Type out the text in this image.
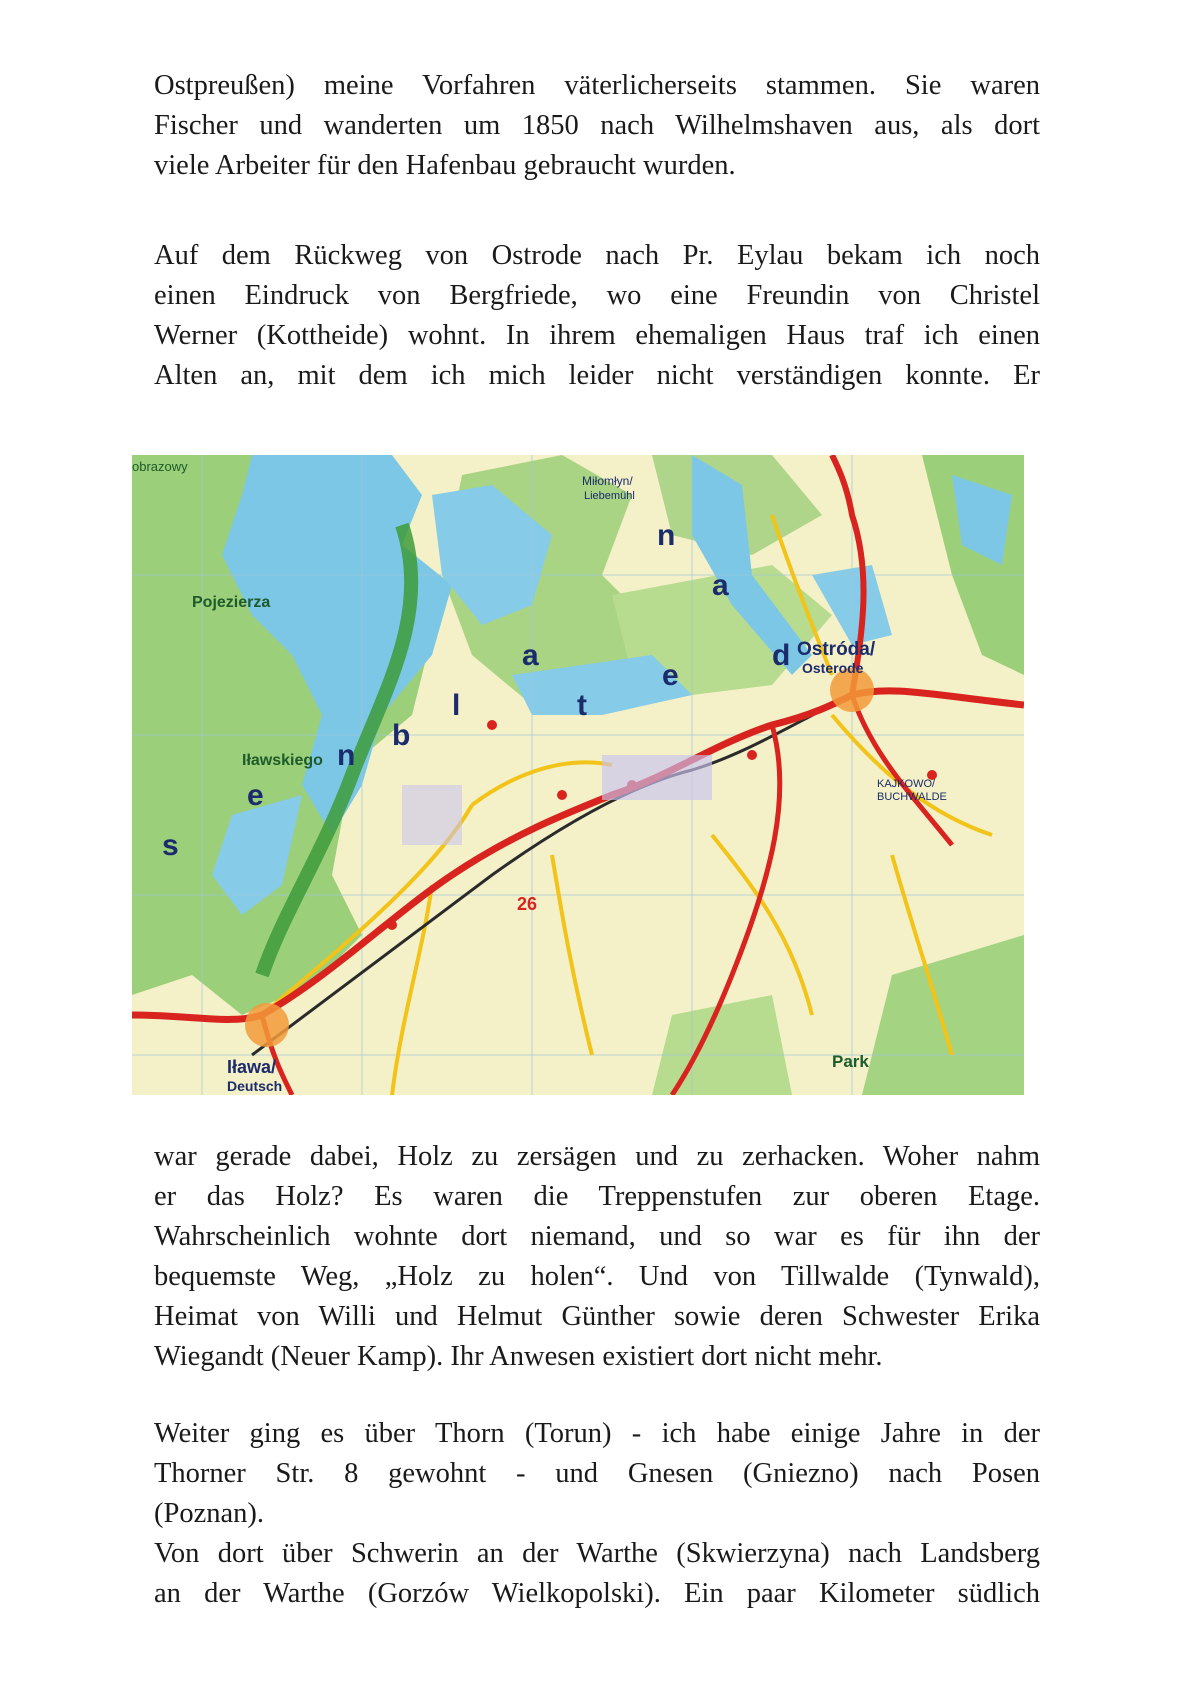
Ostpreußen) meine Vorfahren väterlicherseits stammen. Sie waren
Fischer und wanderten um 1850 nach Wilhelmshaven aus, als dort
viele Arbeiter für den Hafenbau gebraucht wurden.

Auf dem Rückweg von Ostrode nach Pr. Eylau bekam ich noch
einen Eindruck von Bergfriede, wo eine Freundin von Christel
Werner (Kottheide) wohnt. In ihrem ehemaligen Haus traf ich einen
Alten an, mit dem ich mich leider nicht verständigen konnte. Er

Ostróda/
Osterode
Iława/
Deutsch
Pojezierza
Iławskiego
Park
26
obrazowy
Miłomłyn/
Liebemühl
KAJKOWO/
BUCHWALDE
n
a
d
e
t
a
l
b
n
e
s

war gerade dabei, Holz zu zersägen und zu zerhacken. Woher nahm
er das Holz? Es waren die Treppenstufen zur oberen Etage.
Wahrscheinlich wohnte dort niemand, und so war es für ihn der
bequemste Weg, „Holz zu holen“. Und von Tillwalde (Tynwald),
Heimat von Willi und Helmut Günther sowie deren Schwester Erika
Wiegandt (Neuer Kamp). Ihr Anwesen existiert dort nicht mehr.

Weiter ging es über Thorn (Torun) - ich habe einige Jahre in der
Thorner Str. 8 gewohnt - und Gnesen (Gniezno) nach Posen
(Poznan).

Von dort über Schwerin an der Warthe (Skwierzyna) nach Landsberg
an der Warthe (Gorzów Wielkopolski). Ein paar Kilometer südlich
